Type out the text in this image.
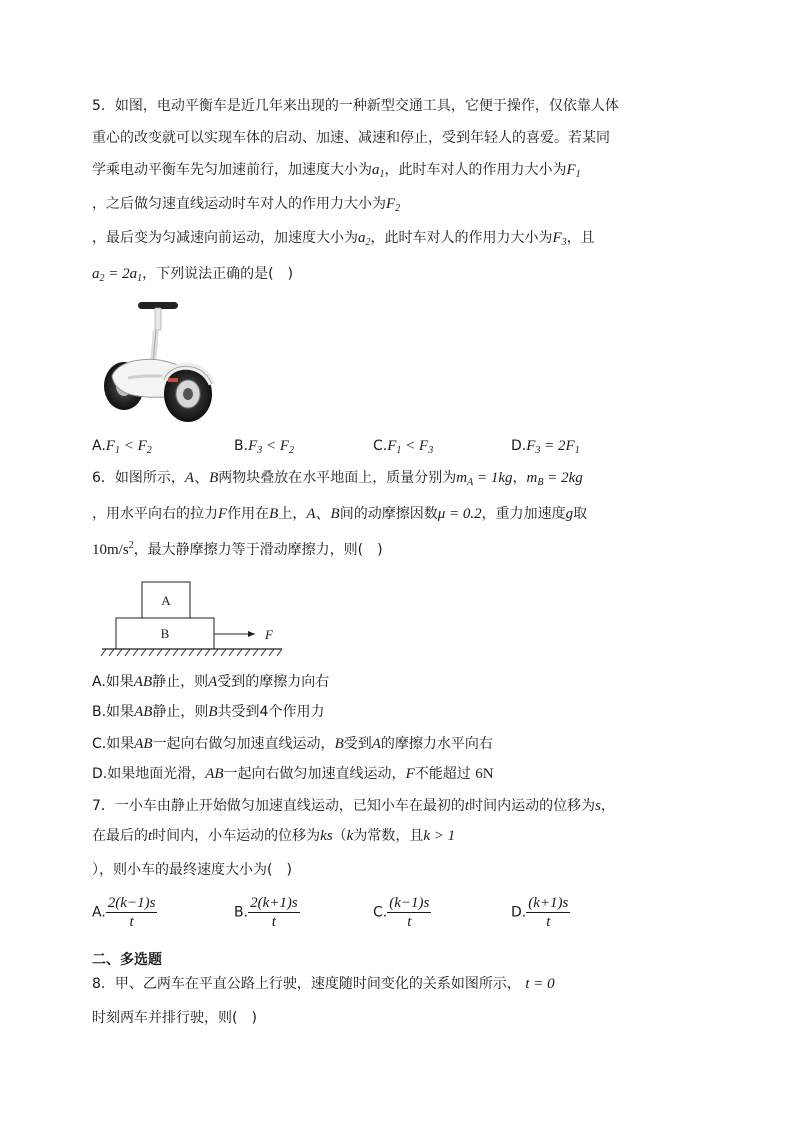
5．如图，电动平衡车是近几年来出现的一种新型交通工具，它便于操作，仅依靠人体
重心的改变就可以实现车体的启动、加速、减速和停止，受到年轻人的喜爱。若某同
学乘电动平衡车先匀加速前行，加速度大小为$a_1$，此时车对人的作用力大小为$F_1$
，之后做匀速直线运动时车对人的作用力大小为$F_2$
，最后变为匀减速向前运动，加速度大小为$a_2$，此时车对人的作用力大小为$F_3$，且
$a_2 = 2a_1$，下列说法正确的是(　)
$A.F_1 < F_2$	$B.F_3 < F_2$	$C.F_1 < F_3$	$D.F_3 = 2F_1$
6．如图所示，A、B两物块叠放在水平地面上，质量分别为$m_A = 1kg$，$m_B = 2kg$
，用水平向右的拉力F作用在B上，A、B间的动摩擦因数μ = 0.2，重力加速度g取
$10m/s^2$，最大静摩擦力等于滑动摩擦力，则(　)
A
B	F
A.如果AB静止，则A受到的摩擦力向右
B.如果AB静止，则B共受到4个作用力
C.如果AB一起向右做匀加速直线运动，B受到A的摩擦力水平向右
D.如果地面光滑，AB一起向右做匀加速直线运动，F不能超过 6N
7．一小车由静止开始做匀加速直线运动，已知小车在最初的t时间内运动的位移为s，
在最后的t时间内，小车运动的位移为ks（k为常数，且k > 1
），则小车的最终速度大小为(　)
A. $\frac{2(k-1)s}{t}$	B. $\frac{2(k+1)s}{t}$	C. $\frac{(k-1)s}{t}$	D. $\frac{(k+1)s}{t}$
二、多选题
8．甲、乙两车在平直公路上行驶，速度随时间变化的关系如图所示， t = 0
时刻两车并排行驶，则(　)
